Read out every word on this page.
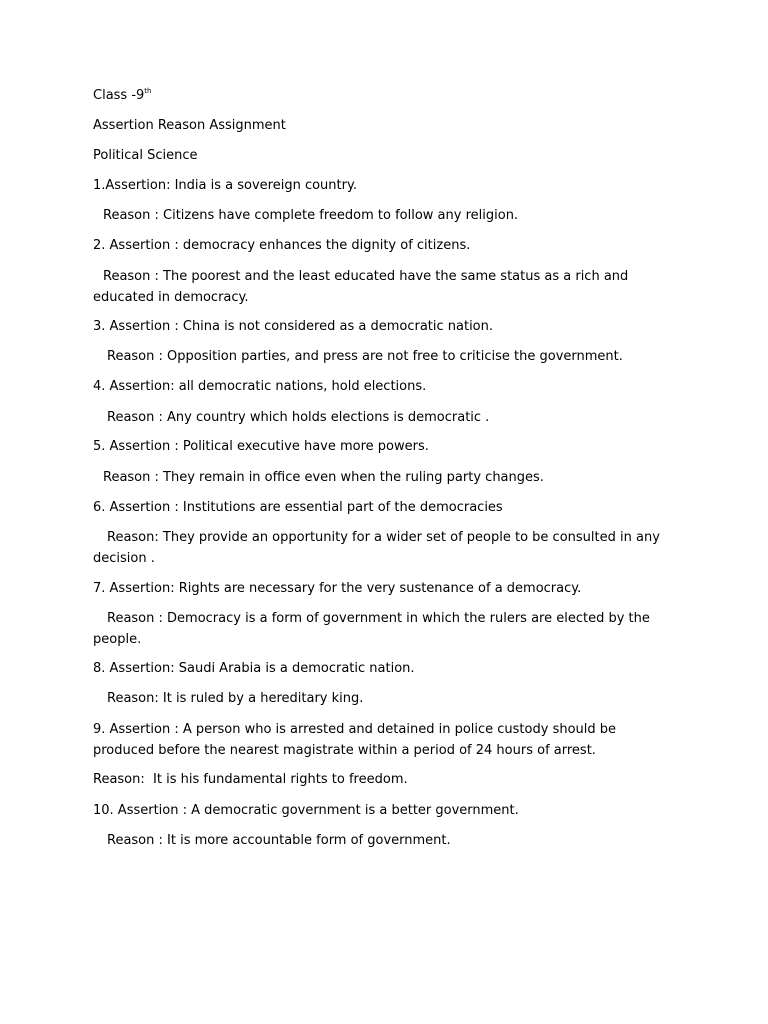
Class -9th

Assertion Reason Assignment

Political Science

1.Assertion: India is a sovereign country.

Reason : Citizens have complete freedom to follow any religion.

2. Assertion : democracy enhances the dignity of citizens.

Reason : The poorest and the least educated have the same status as a rich and educated in democracy.

3. Assertion : China is not considered as a democratic nation.

Reason : Opposition parties, and press are not free to criticise the government.

4. Assertion: all democratic nations, hold elections.

Reason : Any country which holds elections is democratic .

5. Assertion : Political executive have more powers.

Reason : They remain in office even when the ruling party changes.

6. Assertion : Institutions are essential part of the democracies

Reason: They provide an opportunity for a wider set of people to be consulted in any decision .

7. Assertion: Rights are necessary for the very sustenance of a democracy.

Reason : Democracy is a form of government in which the rulers are elected by the people.

8. Assertion: Saudi Arabia is a democratic nation.

Reason: It is ruled by a hereditary king.

9. Assertion : A person who is arrested and detained in police custody should be produced before the nearest magistrate within a period of 24 hours of arrest.

Reason:  It is his fundamental rights to freedom.

10. Assertion : A democratic government is a better government.

Reason : It is more accountable form of government.
